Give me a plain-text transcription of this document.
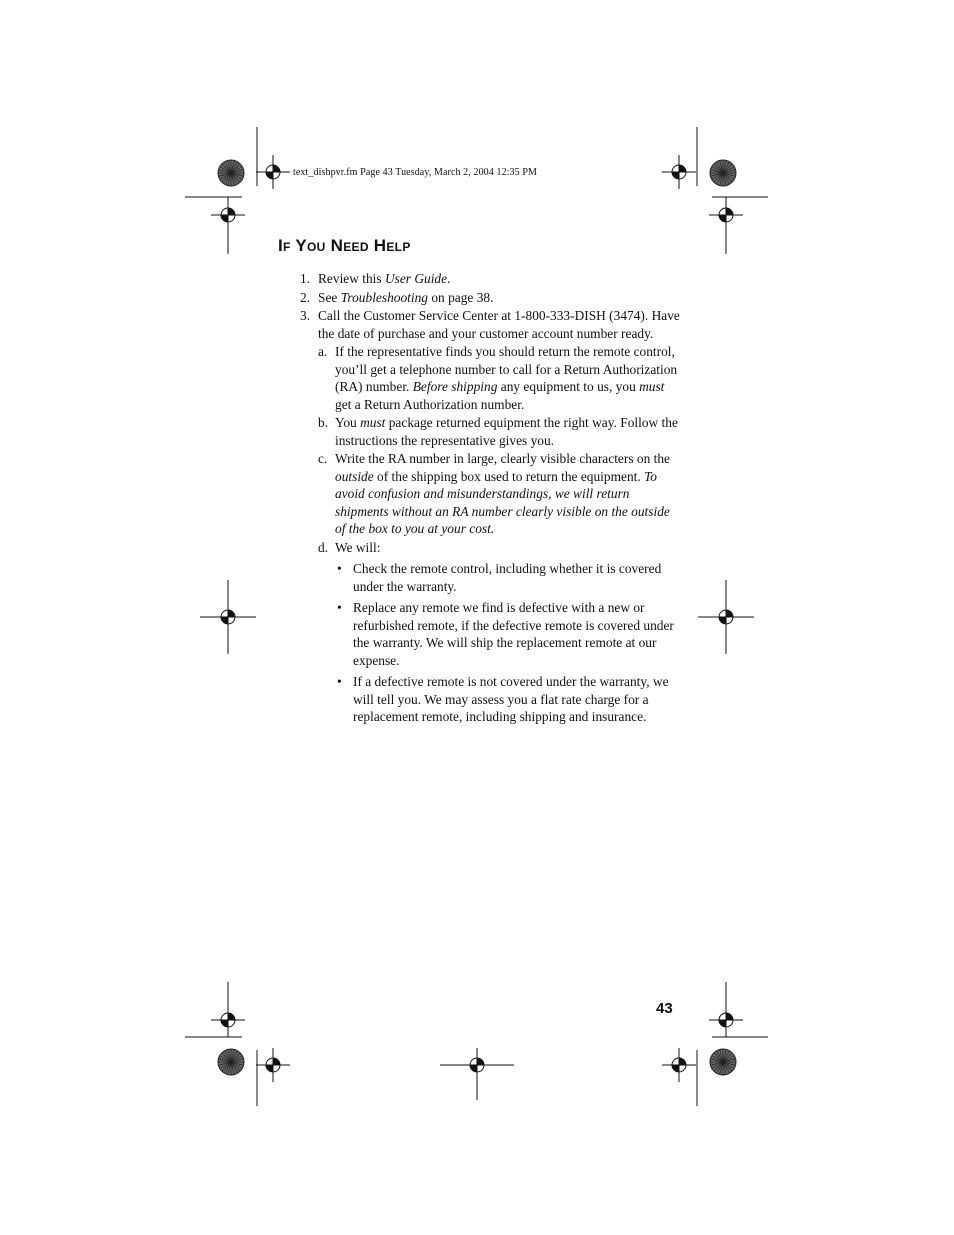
text_dishpvr.fm Page 43 Tuesday, March 2, 2004 12:35 PM
If You Need Help
1. Review this User Guide.
2. See Troubleshooting on page 38.
3. Call the Customer Service Center at 1-800-333-DISH (3474). Have the date of purchase and your customer account number ready.
a. If the representative finds you should return the remote control, you’ll get a telephone number to call for a Return Authorization (RA) number. Before shipping any equipment to us, you must get a Return Authorization number.
b. You must package returned equipment the right way. Follow the instructions the representative gives you.
c. Write the RA number in large, clearly visible characters on the outside of the shipping box used to return the equipment. To avoid confusion and misunderstandings, we will return shipments without an RA number clearly visible on the outside of the box to you at your cost.
d. We will:
• Check the remote control, including whether it is covered under the warranty.
• Replace any remote we find is defective with a new or refurbished remote, if the defective remote is covered under the warranty. We will ship the replacement remote at our expense.
• If a defective remote is not covered under the warranty, we will tell you. We may assess you a flat rate charge for a replacement remote, including shipping and insurance.
43
